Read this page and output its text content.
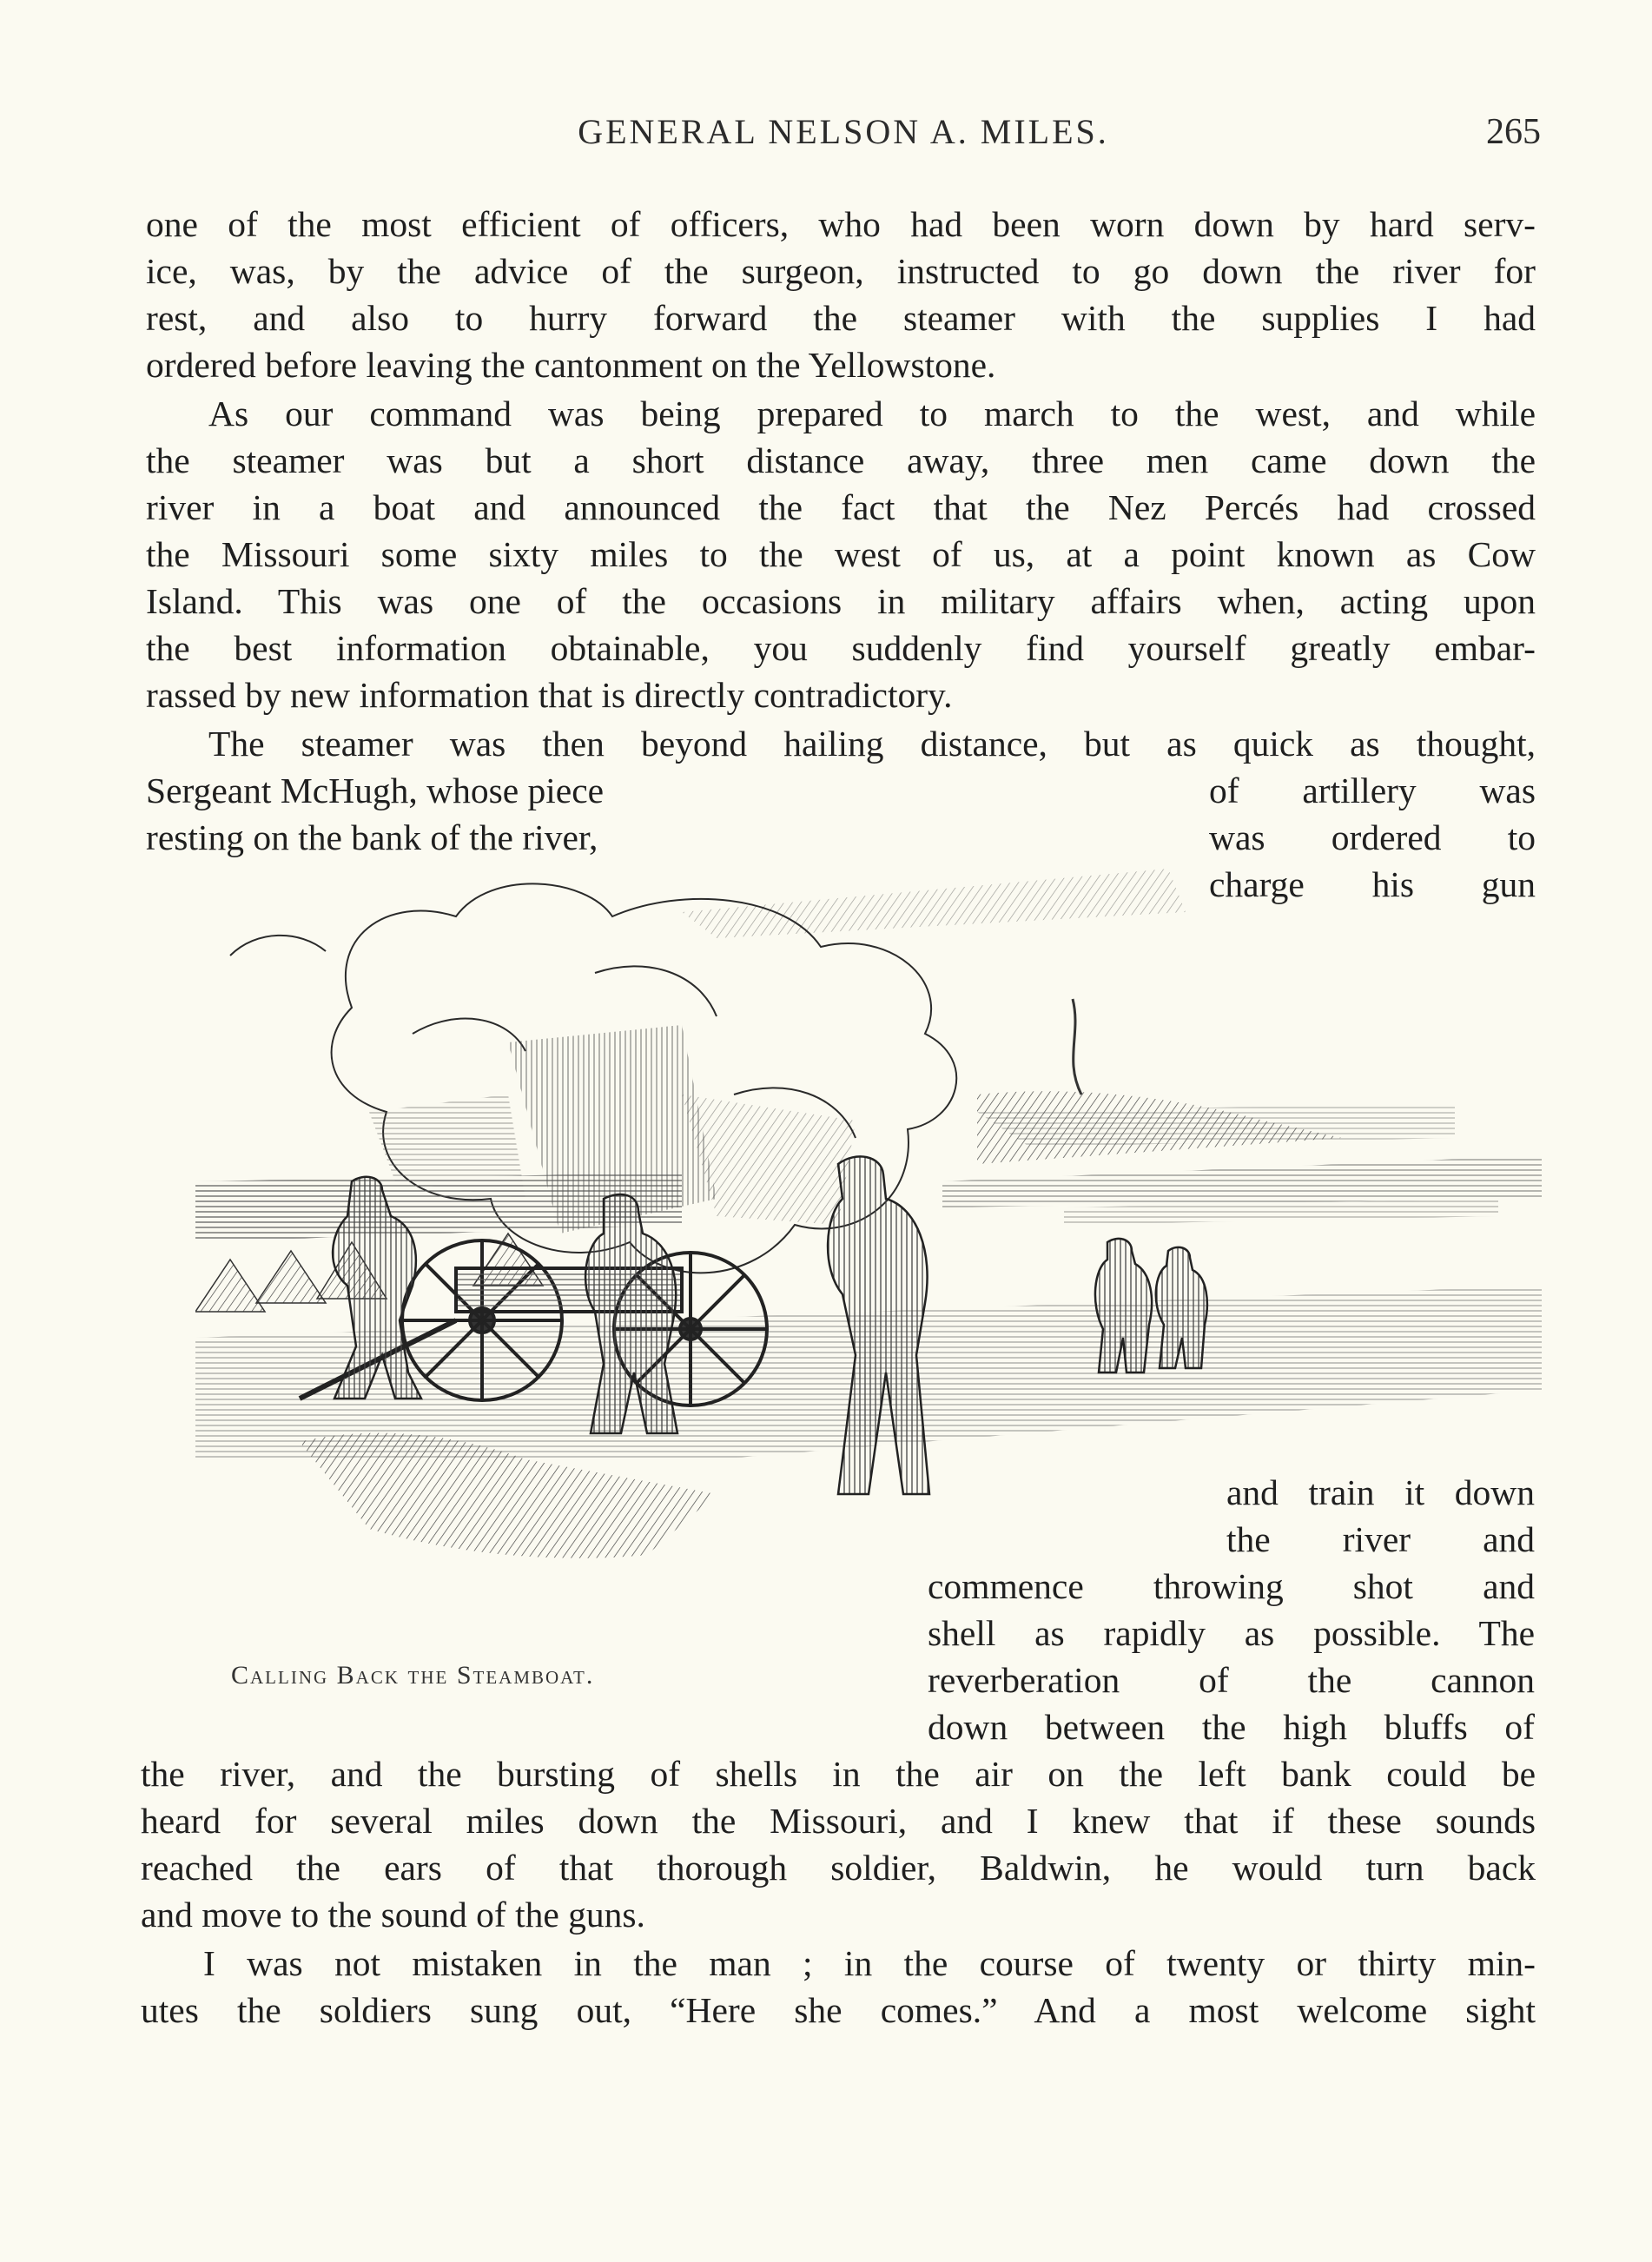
GENERAL NELSON A. MILES.	265
one of the most efficient of officers, who had been worn down by hard serv-
ice, was, by the advice of the surgeon, instructed to go down the river for
rest, and also to hurry forward the steamer with the supplies I had
ordered before leaving the cantonment on the Yellowstone.
As our command was being prepared to march to the west, and while
the steamer was but a short distance away, three men came down the
river in a boat and announced the fact that the Nez Percés had crossed
the Missouri some sixty miles to the west of us, at a point known as Cow
Island. This was one of the occasions in military affairs when, acting upon
the best information obtainable, you suddenly find yourself greatly embar-
rassed by new information that is directly contradictory.
The steamer was then beyond hailing distance, but as quick as thought,
Sergeant McHugh, whose piece	of artillery was
resting on the bank of the river,	was ordered to
charge his gun
and train it down
the river and
commence throwing shot and
shell as rapidly as possible. The
reverberation of the cannon
down between the high bluffs of
the river, and the bursting of shells in the air on the left bank could be
heard for several miles down the Missouri, and I knew that if these sounds
reached the ears of that thorough soldier, Baldwin, he would turn back
and move to the sound of the guns.
I was not mistaken in the man ; in the course of twenty or thirty min-
utes the soldiers sung out, “Here she comes.” And a most welcome sight
Calling Back the Steamboat.
